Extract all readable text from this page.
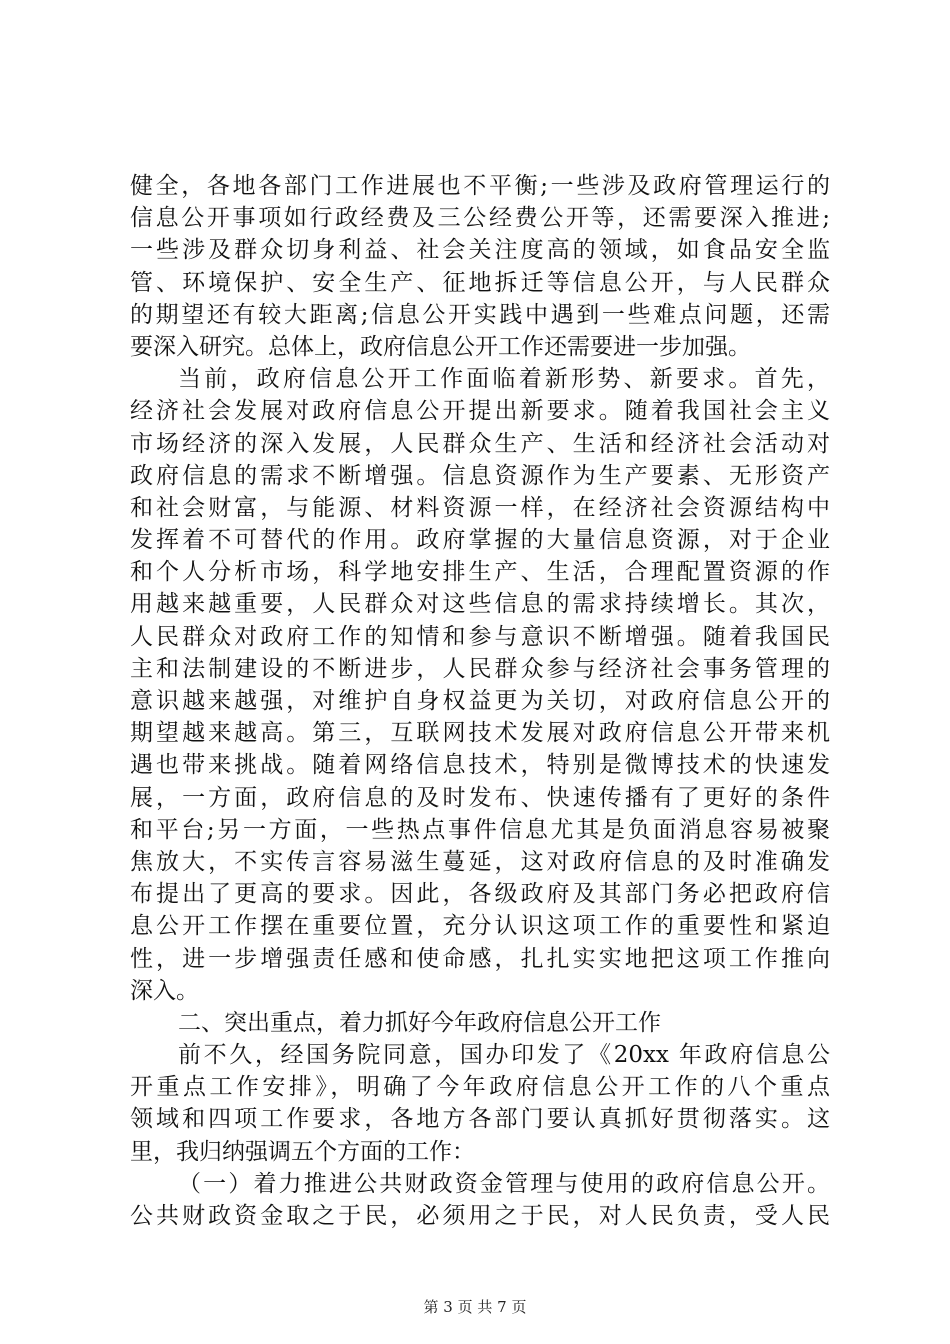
健全，各地各部门工作进展也不平衡;一些涉及政府管理运行的
信息公开事项如行政经费及三公经费公开等，还需要深入推进;
一些涉及群众切身利益、社会关注度高的领域，如食品安全监
管、环境保护、安全生产、征地拆迁等信息公开，与人民群众
的期望还有较大距离;信息公开实践中遇到一些难点问题，还需
要深入研究。总体上，政府信息公开工作还需要进一步加强。
当前，政府信息公开工作面临着新形势、新要求。首先，
经济社会发展对政府信息公开提出新要求。随着我国社会主义
市场经济的深入发展，人民群众生产、生活和经济社会活动对
政府信息的需求不断增强。信息资源作为生产要素、无形资产
和社会财富，与能源、材料资源一样，在经济社会资源结构中
发挥着不可替代的作用。政府掌握的大量信息资源，对于企业
和个人分析市场，科学地安排生产、生活，合理配置资源的作
用越来越重要，人民群众对这些信息的需求持续增长。其次，
人民群众对政府工作的知情和参与意识不断增强。随着我国民
主和法制建设的不断进步，人民群众参与经济社会事务管理的
意识越来越强，对维护自身权益更为关切，对政府信息公开的
期望越来越高。第三，互联网技术发展对政府信息公开带来机
遇也带来挑战。随着网络信息技术，特别是微博技术的快速发
展，一方面，政府信息的及时发布、快速传播有了更好的条件
和平台;另一方面，一些热点事件信息尤其是负面消息容易被聚
焦放大，不实传言容易滋生蔓延，这对政府信息的及时准确发
布提出了更高的要求。因此，各级政府及其部门务必把政府信
息公开工作摆在重要位置，充分认识这项工作的重要性和紧迫
性，进一步增强责任感和使命感，扎扎实实地把这项工作推向
深入。
二、突出重点，着力抓好今年政府信息公开工作
前不久，经国务院同意，国办印发了《20xx 年政府信息公
开重点工作安排》，明确了今年政府信息公开工作的八个重点
领域和四项工作要求，各地方各部门要认真抓好贯彻落实。这
里，我归纳强调五个方面的工作：
（一）着力推进公共财政资金管理与使用的政府信息公开。
公共财政资金取之于民，必须用之于民，对人民负责，受人民
第 3 页 共 7 页
